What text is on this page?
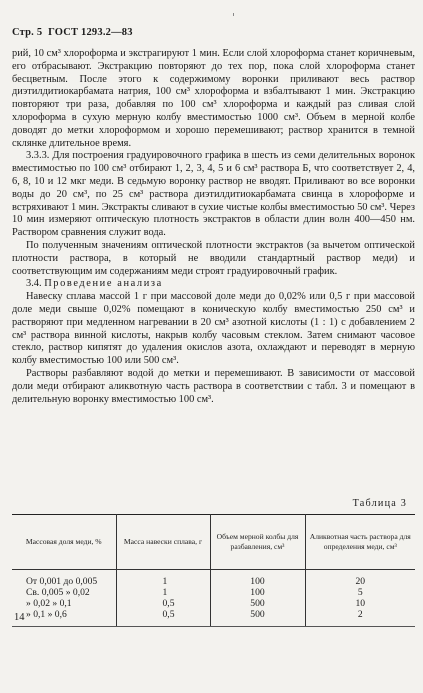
Стр. 5 ГОСТ 1293.2—83

рий, 10 см³ хлороформа и экстрагируют 1 мин. Если слой хлороформа станет коричневым, его отбрасывают. Экстракцию повторяют до тех пор, пока слой хлороформа станет бесцветным. После этого к содержимому воронки приливают весь раствор диэтилдитиокарбамата натрия, 100 см³ хлороформа и взбалтывают 1 мин. Экстракцию повторяют три раза, добавляя по 100 см³ хлороформа и каждый раз сливая слой хлороформа в сухую мерную колбу вместимостью 1000 см³. Объем в мерной колбе доводят до метки хлороформом и хорошо перемешивают; раствор хранится в темной склянке длительное время.

3.3.3. Для построения градуировочного графика в шесть из семи делительных воронок вместимостью по 100 см³ отбирают 1, 2, 3, 4, 5 и 6 см³ раствора Б, что соответствует 2, 4, 6, 8, 10 и 12 мкг меди. В седьмую воронку раствор не вводят. Приливают во все воронки воды до 20 см³, по 25 см³ раствора диэтилдитиокарбамата свинца в хлороформе и встряхивают 1 мин. Экстракты сливают в сухие чистые колбы вместимостью 50 см³. Через 10 мин измеряют оптическую плотность экстрактов в области длин волн 400—450 нм. Раствором сравнения служит вода.

По полученным значениям оптической плотности экстрактов (за вычетом оптической плотности раствора, в который не вводили стандартный раствор меди) и соответствующим им содержаниям меди строят градуировочный график.

3.4. Проведение анализа

Навеску сплава массой 1 г при массовой доле меди до 0,02% или 0,5 г при массовой доле меди свыше 0,02% помещают в коническую колбу вместимостью 250 см³ и растворяют при медленном нагревании в 20 см³ азотной кислоты (1 : 1) с добавлением 2 см³ раствора винной кислоты, накрыв колбу часовым стеклом. Затем снимают часовое стекло, раствор кипятят до удаления окислов азота, охлаждают и переводят в мерную колбу вместимостью 100 или 500 см³.

Растворы разбавляют водой до метки и перемешивают. В зависимости от массовой доли меди отбирают аликвотную часть раствора в соответствии с табл. 3 и помещают в делительную воронку вместимостью 100 см³.

Таблица 3
Массовая доля меди, %	Масса навески сплава, г	Объем мерной колбы для разбавления, см³	Аликвотная часть раствора для определения меди, см³
От 0,001 до 0,005	1	100	20
Св. 0,005 » 0,02	1	100	5
» 0,02 » 0,1	0,5	500	10
» 0,1 » 0,6	0,5	500	2
14
